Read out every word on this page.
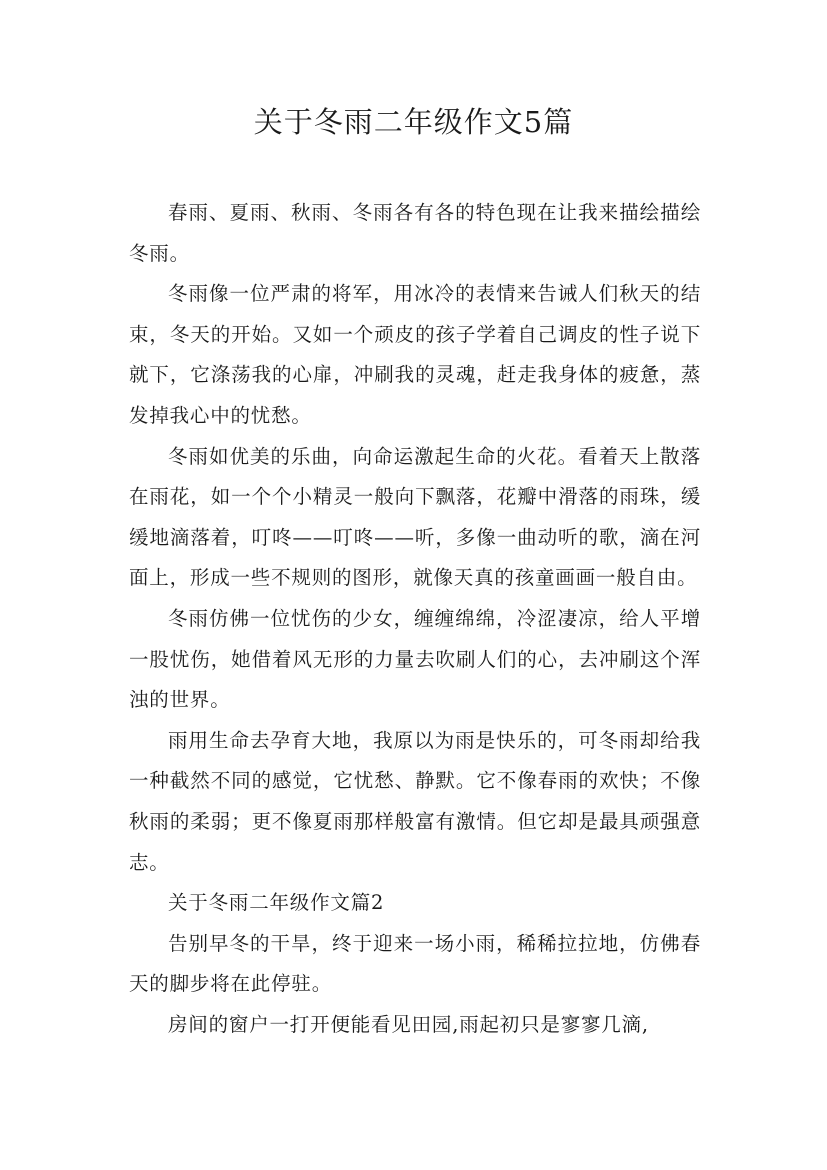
关于冬雨二年级作文5篇

春雨、夏雨、秋雨、冬雨各有各的特色现在让我来描绘描绘冬雨。

冬雨像一位严肃的将军，用冰冷的表情来告诫人们秋天的结束，冬天的开始。又如一个顽皮的孩子学着自己调皮的性子说下就下，它涤荡我的心扉，冲刷我的灵魂，赶走我身体的疲惫，蒸发掉我心中的忧愁。

冬雨如优美的乐曲，向命运激起生命的火花。看着天上散落在雨花，如一个个小精灵一般向下飘落，花瓣中滑落的雨珠，缓缓地滴落着，叮咚——叮咚——听，多像一曲动听的歌，滴在河面上，形成一些不规则的图形，就像天真的孩童画画一般自由。

冬雨仿佛一位忧伤的少女，缠缠绵绵，冷涩凄凉，给人平增一股忧伤，她借着风无形的力量去吹刷人们的心，去冲刷这个浑浊的世界。

雨用生命去孕育大地，我原以为雨是快乐的，可冬雨却给我一种截然不同的感觉，它忧愁、静默。它不像春雨的欢快；不像秋雨的柔弱；更不像夏雨那样般富有激情。但它却是最具顽强意志。

关于冬雨二年级作文篇2

告别早冬的干旱，终于迎来一场小雨，稀稀拉拉地，仿佛春天的脚步将在此停驻。

房间的窗户一打开便能看见田园,雨起初只是寥寥几滴,
